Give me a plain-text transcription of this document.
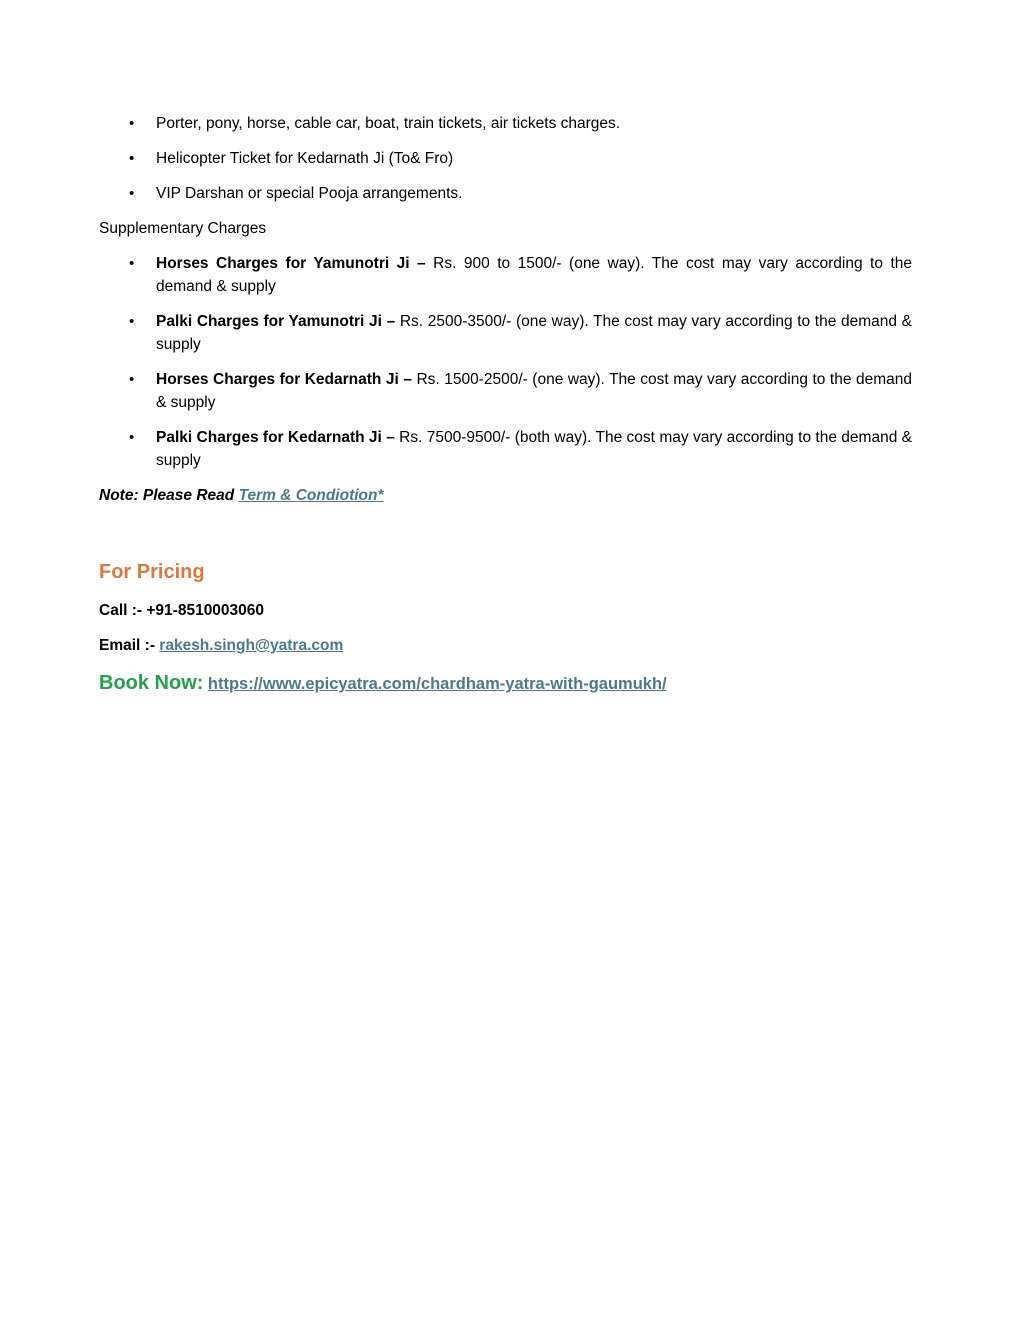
• Porter, pony, horse, cable car, boat, train tickets, air tickets charges.
• Helicopter Ticket for Kedarnath Ji (To& Fro)
• VIP Darshan or special Pooja arrangements.

Supplementary Charges

• Horses Charges for Yamunotri Ji – Rs. 900 to 1500/- (one way). The cost may vary according to the demand & supply
• Palki Charges for Yamunotri Ji – Rs. 2500-3500/- (one way). The cost may vary according to the demand & supply
• Horses Charges for Kedarnath Ji – Rs. 1500-2500/- (one way). The cost may vary according to the demand & supply
• Palki Charges for Kedarnath Ji – Rs. 7500-9500/- (both way). The cost may vary according to the demand & supply

Note: Please Read Term & Condiotion*

For Pricing

Call :- +91-8510003060

Email :- rakesh.singh@yatra.com

Book Now: https://www.epicyatra.com/chardham-yatra-with-gaumukh/
